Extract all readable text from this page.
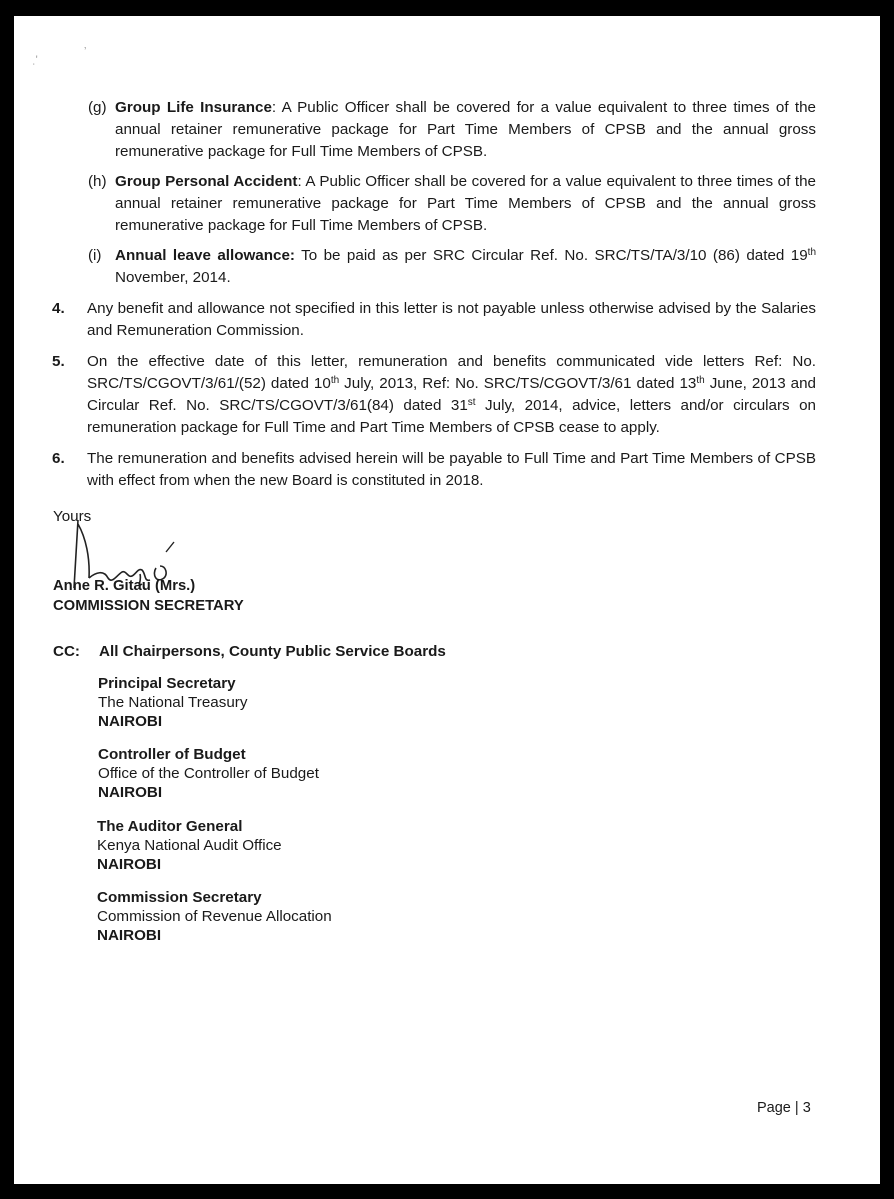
ˌ'
ʼ
(g) Group Life Insurance: A Public Officer shall be covered for a value equivalent to three times of the annual retainer remunerative package for Part Time Members of CPSB and the annual gross remunerative package for Full Time Members of CPSB.
(h) Group Personal Accident: A Public Officer shall be covered for a value equivalent to three times of the annual retainer remunerative package for Part Time Members of CPSB and the annual gross remunerative package for Full Time Members of CPSB.
(i) Annual leave allowance: To be paid as per SRC Circular Ref. No. SRC/TS/TA/3/10 (86) dated 19th November, 2014.
4. Any benefit and allowance not specified in this letter is not payable unless otherwise advised by the Salaries and Remuneration Commission.
5. On the effective date of this letter, remuneration and benefits communicated vide letters Ref: No. SRC/TS/CGOVT/3/61/(52) dated 10th July, 2013, Ref: No. SRC/TS/CGOVT/3/61 dated 13th June, 2013 and Circular Ref. No. SRC/TS/CGOVT/3/61(84) dated 31st July, 2014, advice, letters and/or circulars on remuneration package for Full Time and Part Time Members of CPSB cease to apply.
6. The remuneration and benefits advised herein will be payable to Full Time and Part Time Members of CPSB with effect from when the new Board is constituted in 2018.
Yours
Anne R. Gitau (Mrs.)
COMMISSION SECRETARY
CC: All Chairpersons, County Public Service Boards
Principal Secretary
The National Treasury
NAIROBI
Controller of Budget
Office of the Controller of Budget
NAIROBI
The Auditor General
Kenya National Audit Office
NAIROBI
Commission Secretary
Commission of Revenue Allocation
NAIROBI
Page | 3
